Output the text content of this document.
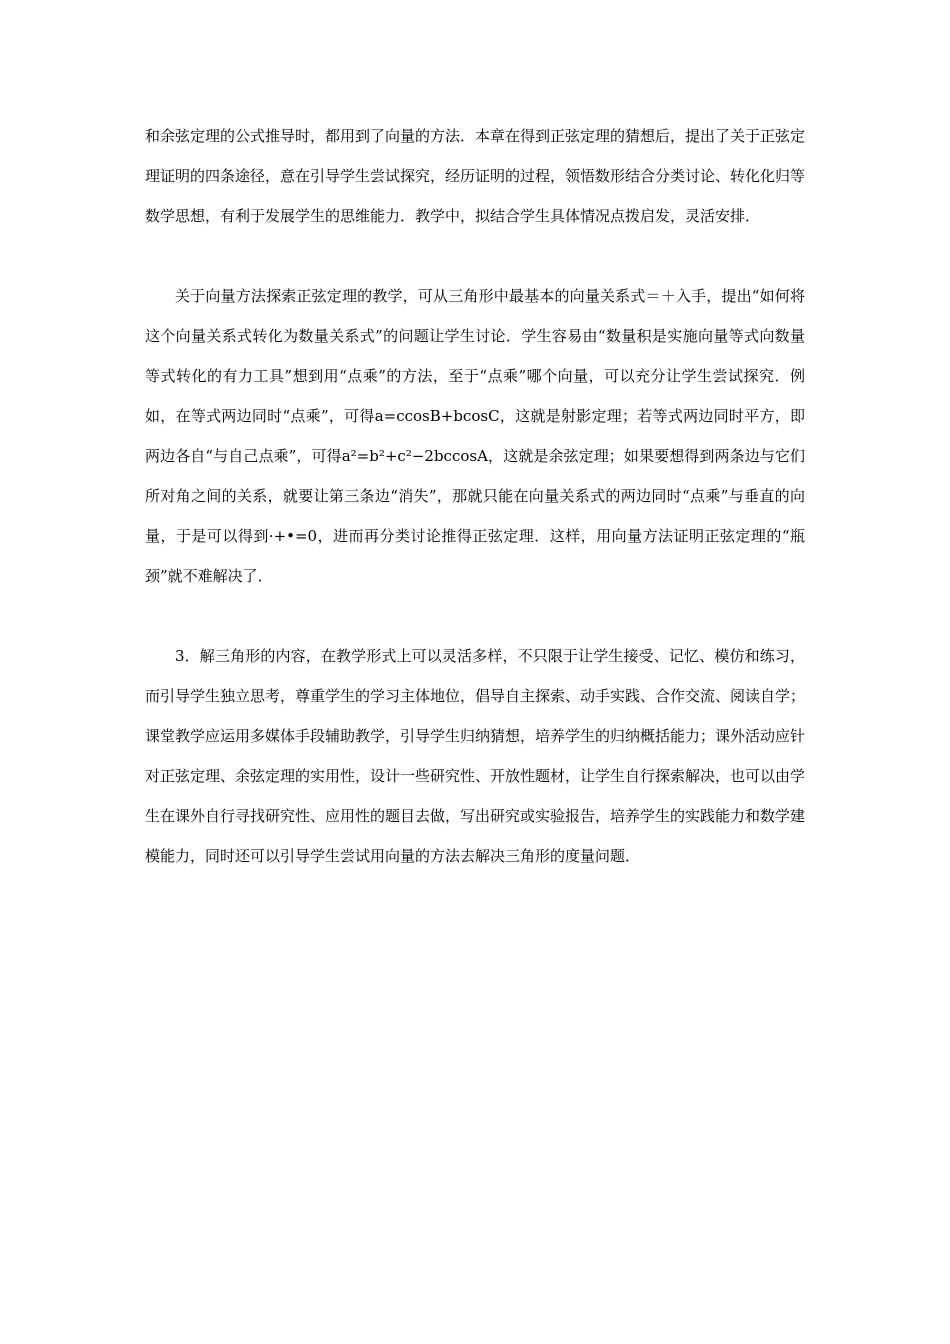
和余弦定理的公式推导时，都用到了向量的方法．本章在得到正弦定理的猜想后，提出了关于正弦定理证明的四条途径，意在引导学生尝试探究，经历证明的过程，领悟数形结合分类讨论、转化化归等数学思想，有利于发展学生的思维能力．教学中，拟结合学生具体情况点拨启发，灵活安排．

关于向量方法探索正弦定理的教学，可从三角形中最基本的向量关系式＝＋入手，提出“如何将这个向量关系式转化为数量关系式”的问题让学生讨论．学生容易由“数量积是实施向量等式向数量等式转化的有力工具”想到用“点乘”的方法，至于“点乘”哪个向量，可以充分让学生尝试探究．例如，在等式两边同时“点乘”，可得a=ccosB+bcosC，这就是射影定理；若等式两边同时平方，即两边各自“与自己点乘”，可得a²=b²+c²−2bccosA，这就是余弦定理；如果要想得到两条边与它们所对角之间的关系，就要让第三条边“消失”，那就只能在向量关系式的两边同时“点乘”与垂直的向量，于是可以得到·+•=0，进而再分类讨论推得正弦定理．这样，用向量方法证明正弦定理的“瓶颈”就不难解决了．

3．解三角形的内容，在教学形式上可以灵活多样，不只限于让学生接受、记忆、模仿和练习，而引导学生独立思考，尊重学生的学习主体地位，倡导自主探索、动手实践、合作交流、阅读自学；课堂教学应运用多媒体手段辅助教学，引导学生归纳猜想，培养学生的归纳概括能力；课外活动应针对正弦定理、余弦定理的实用性，设计一些研究性、开放性题材，让学生自行探索解决，也可以由学生在课外自行寻找研究性、应用性的题目去做，写出研究或实验报告，培养学生的实践能力和数学建模能力，同时还可以引导学生尝试用向量的方法去解决三角形的度量问题．
